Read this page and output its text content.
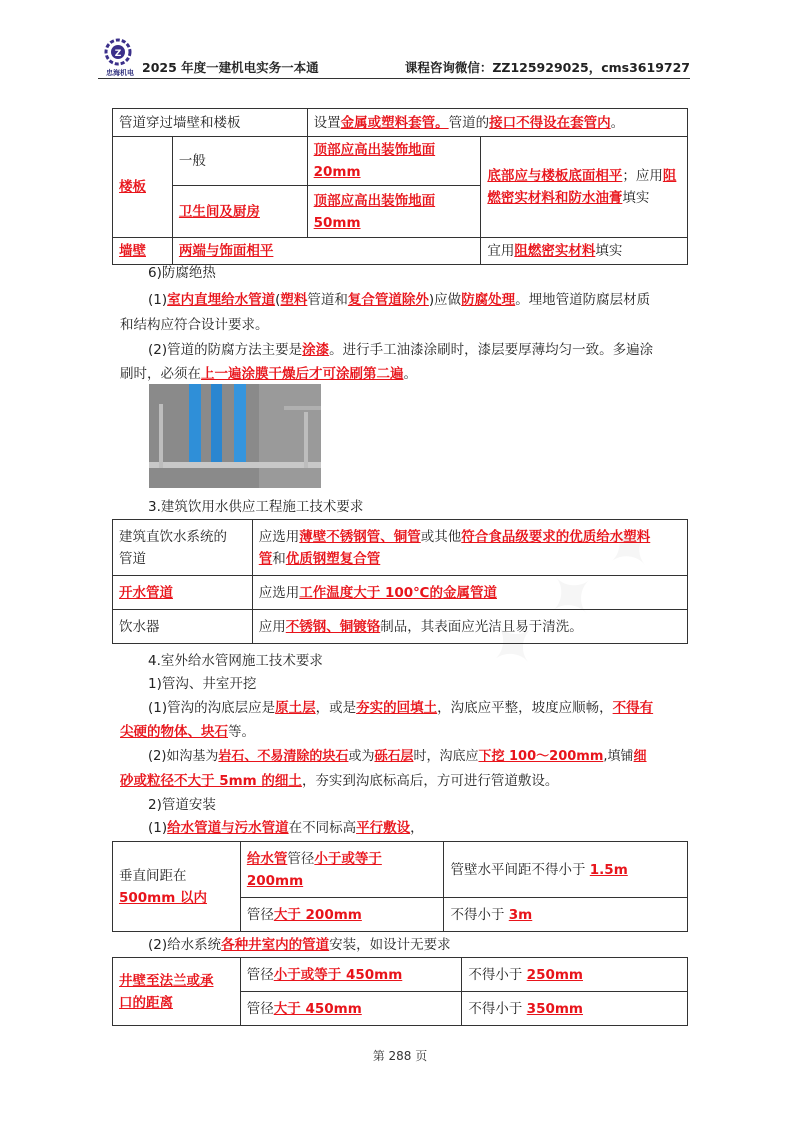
Z
忠海机电 2025 年度一建机电实务一本通	课程咨询微信：ZZ125929025，cms3619727
管道穿过墙壁和楼板		设置金属或塑料套管。管道的接口不得设在套管内。	
楼板	一般	顶部应高出装饰地面20mm	底部应与楼板底面相平；应用阻燃密实材料和防水油膏填实
	卫生间及厨房	顶部应高出装饰地面50mm	
墙壁	两端与饰面相平		宜用阻燃密实材料填实
6)防腐绝热
(1)室内直埋给水管道(塑料管道和复合管道除外)应做防腐处理。埋地管道防腐层材质
和结构应符合设计要求。
(2)管道的防腐方法主要是涂漆。进行手工油漆涂刷时，漆层要厚薄均匀一致。多遍涂
刷时，必须在上一遍涂膜干燥后才可涂刷第二遍。
3.建筑饮用水供应工程施工技术要求
建筑直饮水系统的
管道	应选用薄壁不锈钢管、铜管或其他符合食品级要求的优质给水塑料
管和优质钢塑复合管
开水管道	应选用工作温度大于 100℃的金属管道
饮水器	应用不锈钢、铜镀铬制品，其表面应光洁且易于清洗。
4.室外给水管网施工技术要求
1)管沟、井室开挖
(1)管沟的沟底层应是原土层，或是夯实的回填土，沟底应平整，坡度应顺畅，不得有
尖硬的物体、块石等。
(2)如沟基为岩石、不易清除的块石或为砾石层时，沟底应下挖 100～200mm,填铺细
砂或粒径不大于 5mm 的细土，夯实到沟底标高后，方可进行管道敷设。
2)管道安装
(1)给水管道与污水管道在不同标高平行敷设，
垂直间距在
500mm 以内	给水管管径小于或等于
200mm	管壁水平间距不得小于 1.5m
	管径大于 200mm	不得小于 3m
(2)给水系统各种井室内的管道安装，如设计无要求
井壁至法兰或承
口的距离	管径小于或等于 450mm	不得小于 250mm
	管径大于 450mm	不得小于 350mm
第 288 页
